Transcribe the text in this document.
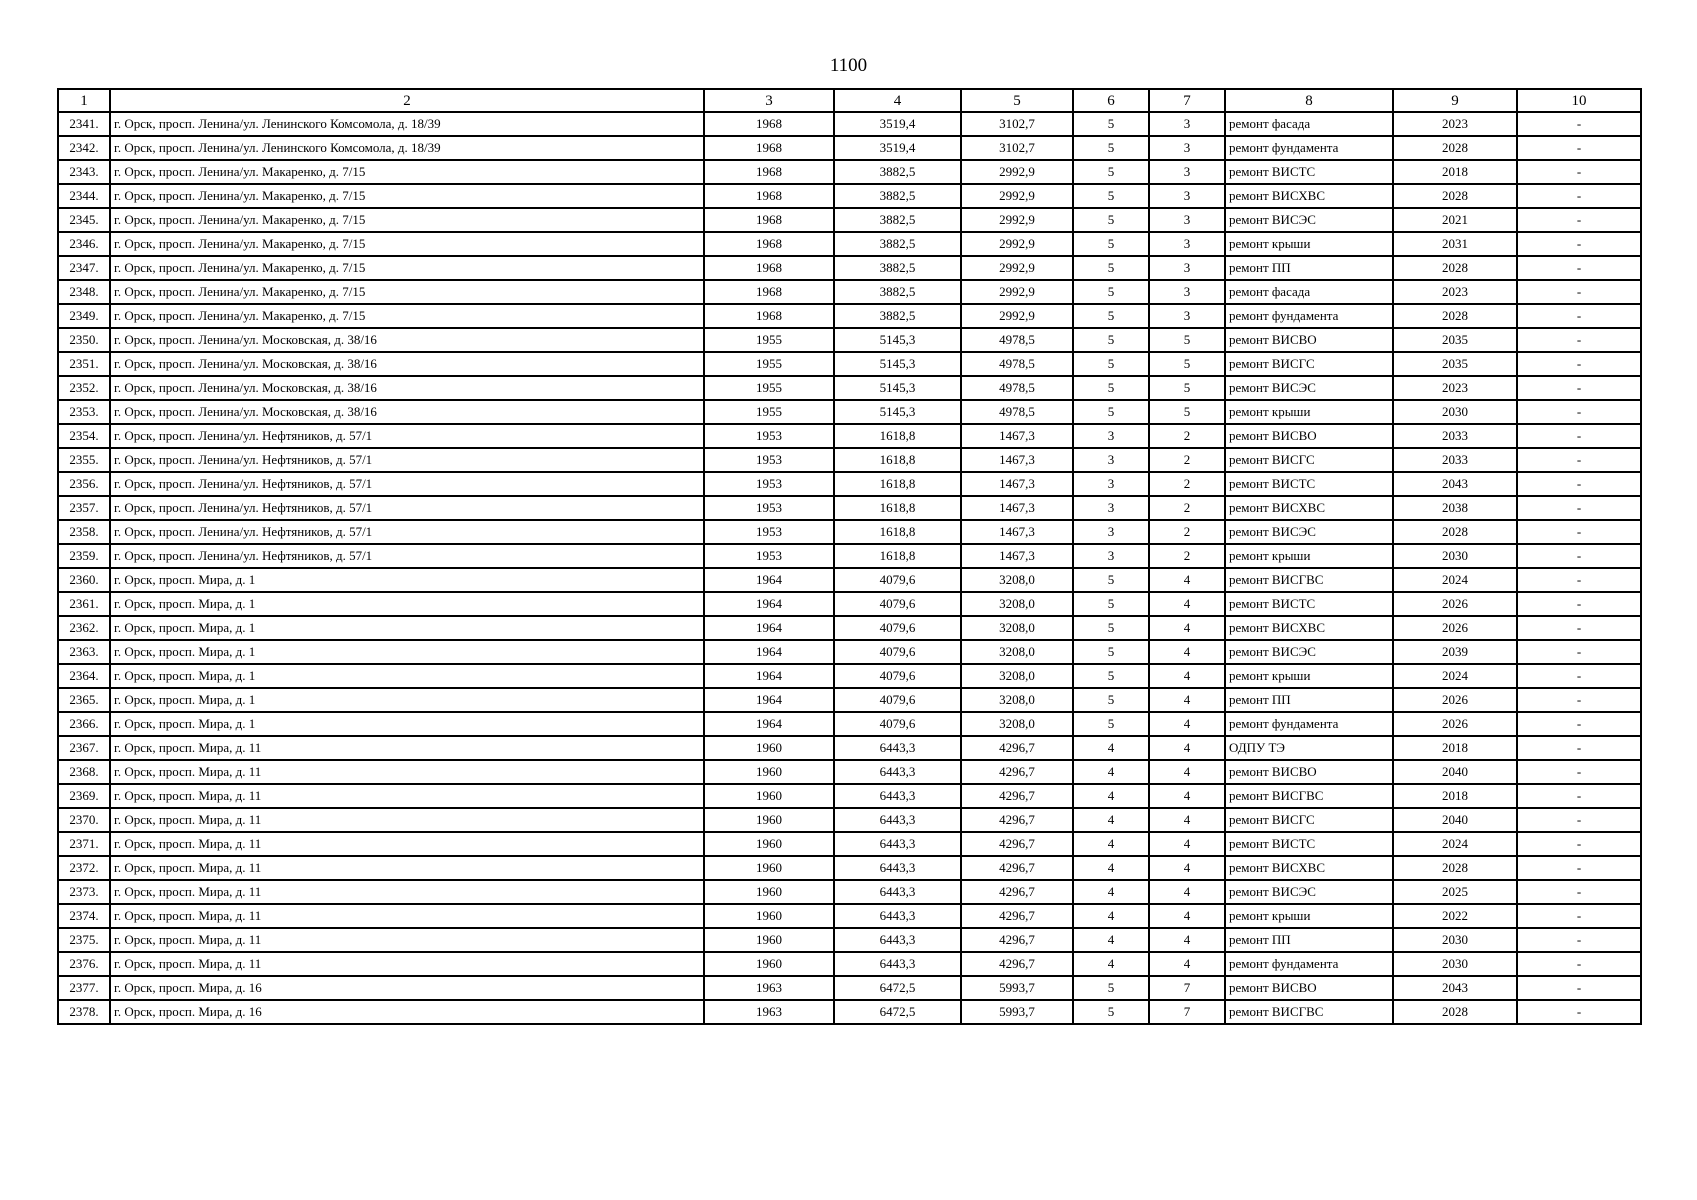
1100
1	2	3	4	5	6	7	8	9	10
2341.	г. Орск, просп. Ленина/ул. Ленинского Комсомола, д. 18/39	1968	3519,4	3102,7	5	3	ремонт фасада	2023	-
2342.	г. Орск, просп. Ленина/ул. Ленинского Комсомола, д. 18/39	1968	3519,4	3102,7	5	3	ремонт фундамента	2028	-
2343.	г. Орск, просп. Ленина/ул. Макаренко, д. 7/15	1968	3882,5	2992,9	5	3	ремонт ВИСТС	2018	-
2344.	г. Орск, просп. Ленина/ул. Макаренко, д. 7/15	1968	3882,5	2992,9	5	3	ремонт ВИСХВС	2028	-
2345.	г. Орск, просп. Ленина/ул. Макаренко, д. 7/15	1968	3882,5	2992,9	5	3	ремонт ВИСЭС	2021	-
2346.	г. Орск, просп. Ленина/ул. Макаренко, д. 7/15	1968	3882,5	2992,9	5	3	ремонт крыши	2031	-
2347.	г. Орск, просп. Ленина/ул. Макаренко, д. 7/15	1968	3882,5	2992,9	5	3	ремонт ПП	2028	-
2348.	г. Орск, просп. Ленина/ул. Макаренко, д. 7/15	1968	3882,5	2992,9	5	3	ремонт фасада	2023	-
2349.	г. Орск, просп. Ленина/ул. Макаренко, д. 7/15	1968	3882,5	2992,9	5	3	ремонт фундамента	2028	-
2350.	г. Орск, просп. Ленина/ул. Московская, д. 38/16	1955	5145,3	4978,5	5	5	ремонт ВИСВО	2035	-
2351.	г. Орск, просп. Ленина/ул. Московская, д. 38/16	1955	5145,3	4978,5	5	5	ремонт ВИСГС	2035	-
2352.	г. Орск, просп. Ленина/ул. Московская, д. 38/16	1955	5145,3	4978,5	5	5	ремонт ВИСЭС	2023	-
2353.	г. Орск, просп. Ленина/ул. Московская, д. 38/16	1955	5145,3	4978,5	5	5	ремонт крыши	2030	-
2354.	г. Орск, просп. Ленина/ул. Нефтяников, д. 57/1	1953	1618,8	1467,3	3	2	ремонт ВИСВО	2033	-
2355.	г. Орск, просп. Ленина/ул. Нефтяников, д. 57/1	1953	1618,8	1467,3	3	2	ремонт ВИСГС	2033	-
2356.	г. Орск, просп. Ленина/ул. Нефтяников, д. 57/1	1953	1618,8	1467,3	3	2	ремонт ВИСТС	2043	-
2357.	г. Орск, просп. Ленина/ул. Нефтяников, д. 57/1	1953	1618,8	1467,3	3	2	ремонт ВИСХВС	2038	-
2358.	г. Орск, просп. Ленина/ул. Нефтяников, д. 57/1	1953	1618,8	1467,3	3	2	ремонт ВИСЭС	2028	-
2359.	г. Орск, просп. Ленина/ул. Нефтяников, д. 57/1	1953	1618,8	1467,3	3	2	ремонт крыши	2030	-
2360.	г. Орск, просп. Мира, д. 1	1964	4079,6	3208,0	5	4	ремонт ВИСГВС	2024	-
2361.	г. Орск, просп. Мира, д. 1	1964	4079,6	3208,0	5	4	ремонт ВИСТС	2026	-
2362.	г. Орск, просп. Мира, д. 1	1964	4079,6	3208,0	5	4	ремонт ВИСХВС	2026	-
2363.	г. Орск, просп. Мира, д. 1	1964	4079,6	3208,0	5	4	ремонт ВИСЭС	2039	-
2364.	г. Орск, просп. Мира, д. 1	1964	4079,6	3208,0	5	4	ремонт крыши	2024	-
2365.	г. Орск, просп. Мира, д. 1	1964	4079,6	3208,0	5	4	ремонт ПП	2026	-
2366.	г. Орск, просп. Мира, д. 1	1964	4079,6	3208,0	5	4	ремонт фундамента	2026	-
2367.	г. Орск, просп. Мира, д. 11	1960	6443,3	4296,7	4	4	ОДПУ ТЭ	2018	-
2368.	г. Орск, просп. Мира, д. 11	1960	6443,3	4296,7	4	4	ремонт ВИСВО	2040	-
2369.	г. Орск, просп. Мира, д. 11	1960	6443,3	4296,7	4	4	ремонт ВИСГВС	2018	-
2370.	г. Орск, просп. Мира, д. 11	1960	6443,3	4296,7	4	4	ремонт ВИСГС	2040	-
2371.	г. Орск, просп. Мира, д. 11	1960	6443,3	4296,7	4	4	ремонт ВИСТС	2024	-
2372.	г. Орск, просп. Мира, д. 11	1960	6443,3	4296,7	4	4	ремонт ВИСХВС	2028	-
2373.	г. Орск, просп. Мира, д. 11	1960	6443,3	4296,7	4	4	ремонт ВИСЭС	2025	-
2374.	г. Орск, просп. Мира, д. 11	1960	6443,3	4296,7	4	4	ремонт крыши	2022	-
2375.	г. Орск, просп. Мира, д. 11	1960	6443,3	4296,7	4	4	ремонт ПП	2030	-
2376.	г. Орск, просп. Мира, д. 11	1960	6443,3	4296,7	4	4	ремонт фундамента	2030	-
2377.	г. Орск, просп. Мира, д. 16	1963	6472,5	5993,7	5	7	ремонт ВИСВО	2043	-
2378.	г. Орск, просп. Мира, д. 16	1963	6472,5	5993,7	5	7	ремонт ВИСГВС	2028	-
